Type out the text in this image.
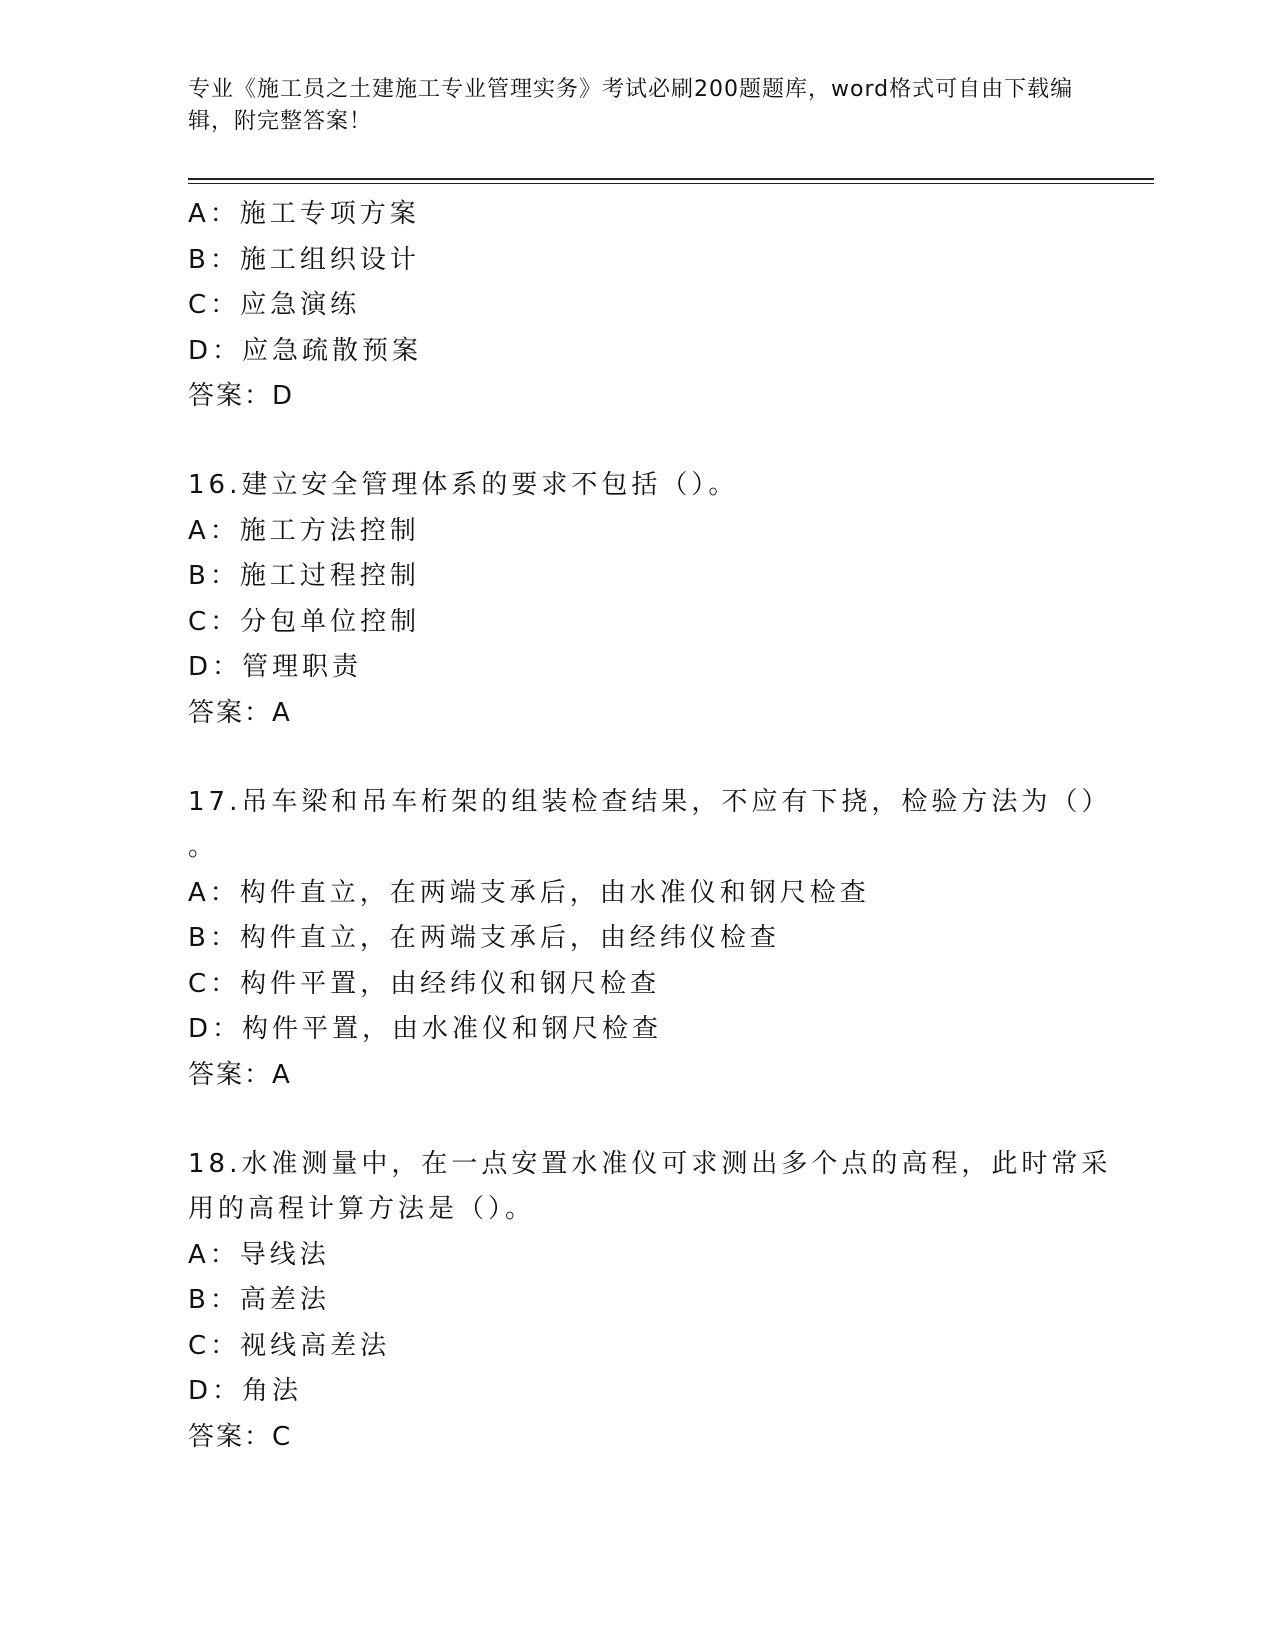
专业《施工员之土建施工专业管理实务》考试必刷200题题库，word格式可自由下载编辑，附完整答案！
A：施工专项方案
B：施工组织设计
C：应急演练
D：应急疏散预案
答案：D
16.建立安全管理体系的要求不包括（）。
A：施工方法控制
B：施工过程控制
C：分包单位控制
D：管理职责
答案：A
17.吊车梁和吊车桁架的组装检查结果，不应有下挠，检验方法为（）
。
A：构件直立，在两端支承后，由水准仪和钢尺检查
B：构件直立，在两端支承后，由经纬仪检查
C：构件平置，由经纬仪和钢尺检查
D：构件平置，由水准仪和钢尺检查
答案：A
18.水准测量中，在一点安置水准仪可求测出多个点的高程，此时常采
用的高程计算方法是（）。
A：导线法
B：高差法
C：视线高差法
D：角法
答案：C
